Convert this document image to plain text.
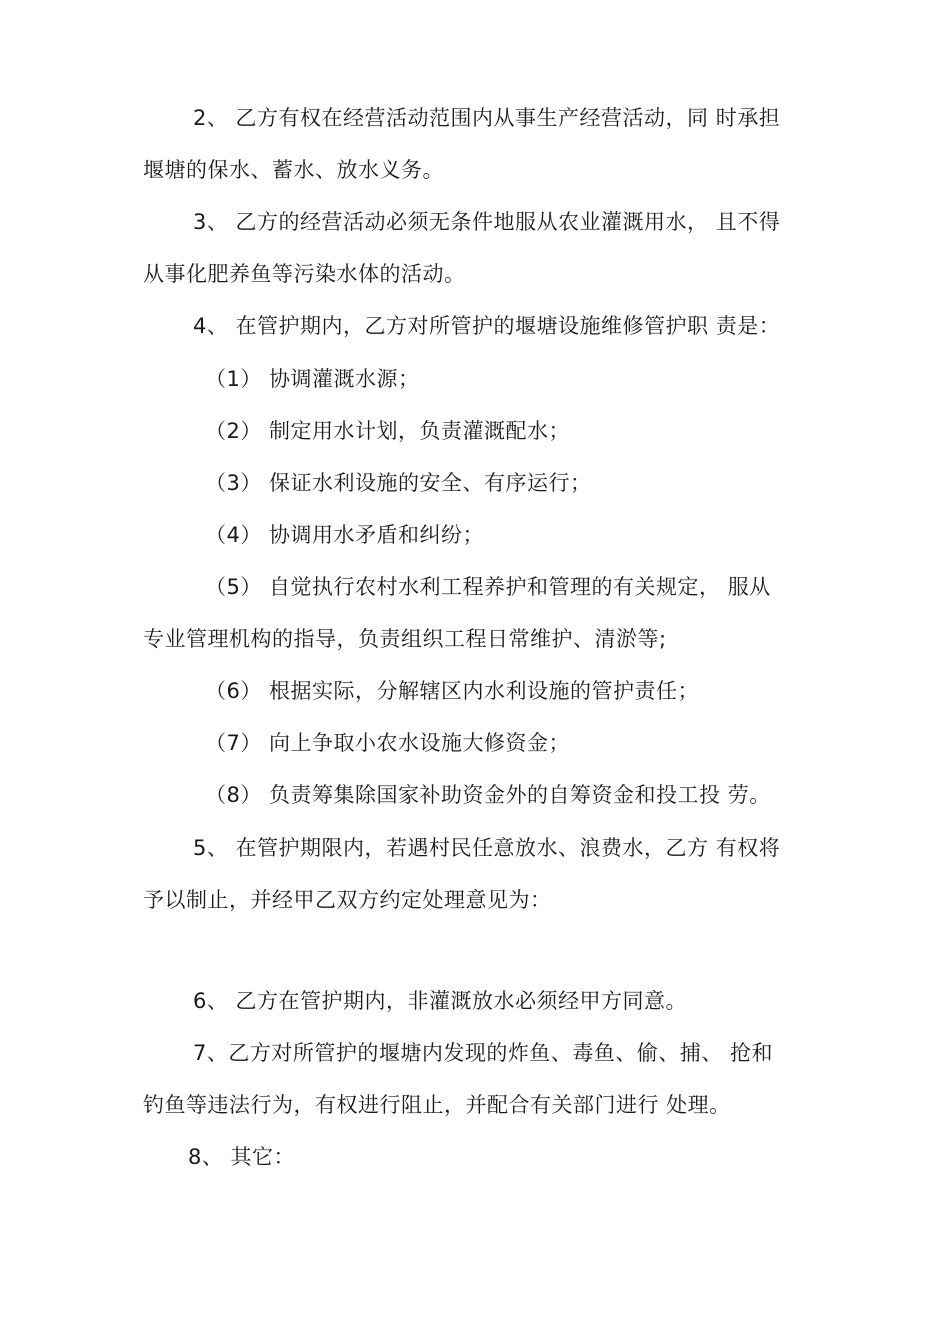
2、 乙方有权在经营活动范围内从事生产经营活动，同 时承担
堰塘的保水、蓄水、放水义务。
3、 乙方的经营活动必须无条件地服从农业灌溉用水， 且不得
从事化肥养鱼等污染水体的活动。
4、 在管护期内，乙方对所管护的堰塘设施维修管护职 责是：
（1） 协调灌溉水源；
（2） 制定用水计划，负责灌溉配水；
（3） 保证水利设施的安全、有序运行；
（4） 协调用水矛盾和纠纷；
（5） 自觉执行农村水利工程养护和管理的有关规定， 服从
专业管理机构的指导，负责组织工程日常维护、清淤等;
（6） 根据实际，分解辖区内水利设施的管护责任；
（7） 向上争取小农水设施大修资金；
（8） 负责筹集除国家补助资金外的自筹资金和投工投 劳。
5、 在管护期限内，若遇村民任意放水、浪费水，乙方 有权将
予以制止，并经甲乙双方约定处理意见为：
6、 乙方在管护期内，非灌溉放水必须经甲方同意。
7、乙方对所管护的堰塘内发现的炸鱼、毒鱼、偷、捕、 抢和
钓鱼等违法行为，有权进行阻止，并配合有关部门进行 处理。
8、 其它：
